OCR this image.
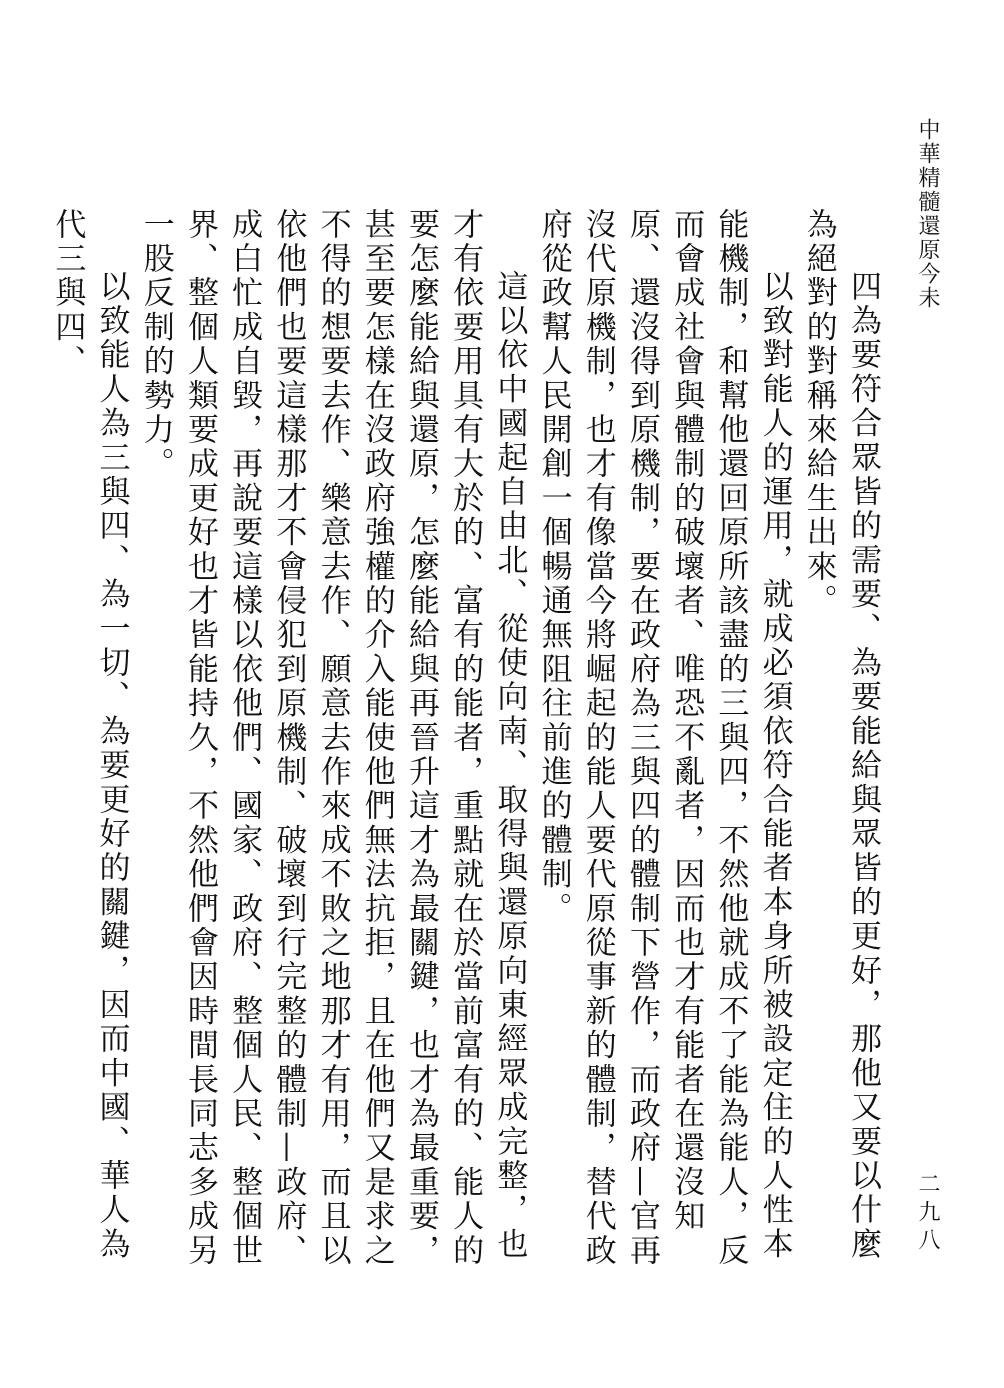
中華精髓還原今未
二九八

四為要符合眾皆的需要、為要能給與眾皆的更好，那他又要以什麼為絕對的對稱來給生出來。

以致對能人的運用，就成必須依符合能者本身所被設定住的人性本能機制，和幫他還回原所該盡的三與四，不然他就成不了能為能人，反而會成社會與體制的破壞者、唯恐不亂者，因而也才有能者在還沒知原、還沒得到原機制，要在政府為三與四的體制下營作，而政府—官再沒代原機制，也才有像當今將崛起的能人要代原從事新的體制，替代政府從政幫人民開創一個暢通無阻往前進的體制。

這以依中國起自由北、從使向南、取得與還原向東經眾成完整，也才有依要用具有大於的、富有的能者，重點就在於當前富有的、能人的要怎麼能給與還原，怎麼能給與再晉升這才為最關鍵，也才為最重要，甚至要怎樣在沒政府強權的介入能使他們無法抗拒，且在他們又是求之不得的想要去作、樂意去作、願意去作來成不敗之地那才有用，而且以依他們也要這樣那才不會侵犯到原機制、破壞到行完整的體制—政府、成白忙成自毀，再說要這樣以依他們、國家、政府、整個人民、整個世界、整個人類要成更好也才皆能持久，不然他們會因時間長同志多成另一股反制的勢力。

以致能人為三與四、為一切、為要更好的關鍵，因而中國、華人為代三與四、
